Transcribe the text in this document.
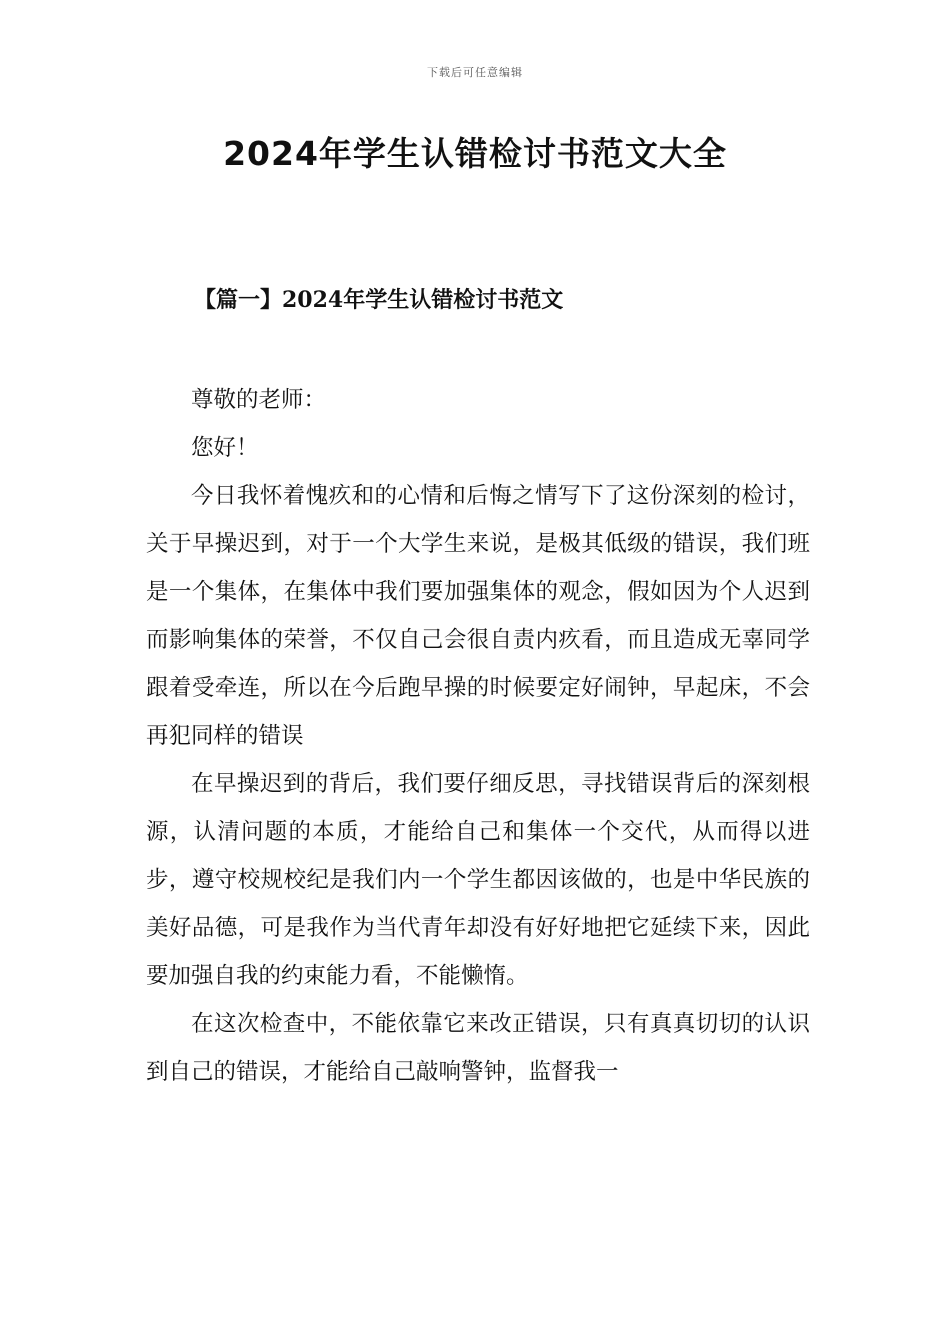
下载后可任意编辑
2024年学生认错检讨书范文大全
【篇一】2024年学生认错检讨书范文

尊敬的老师：

您好！

今日我怀着愧疚和的心情和后悔之情写下了这份深刻的检讨，关于早操迟到，对于一个大学生来说，是极其低级的错误，我们班是一个集体，在集体中我们要加强集体的观念，假如因为个人迟到而影响集体的荣誉，不仅自己会很自责内疚看，而且造成无辜同学跟着受牵连，所以在今后跑早操的时候要定好闹钟，早起床，不会再犯同样的错误

在早操迟到的背后，我们要仔细反思，寻找错误背后的深刻根源，认清问题的本质，才能给自己和集体一个交代，从而得以进步，遵守校规校纪是我们内一个学生都因该做的，也是中华民族的美好品德，可是我作为当代青年却没有好好地把它延续下来，因此要加强自我的约束能力看，不能懒惰。

在这次检查中，不能依靠它来改正错误，只有真真切切的认识到自己的错误，才能给自己敲响警钟，监督我一
